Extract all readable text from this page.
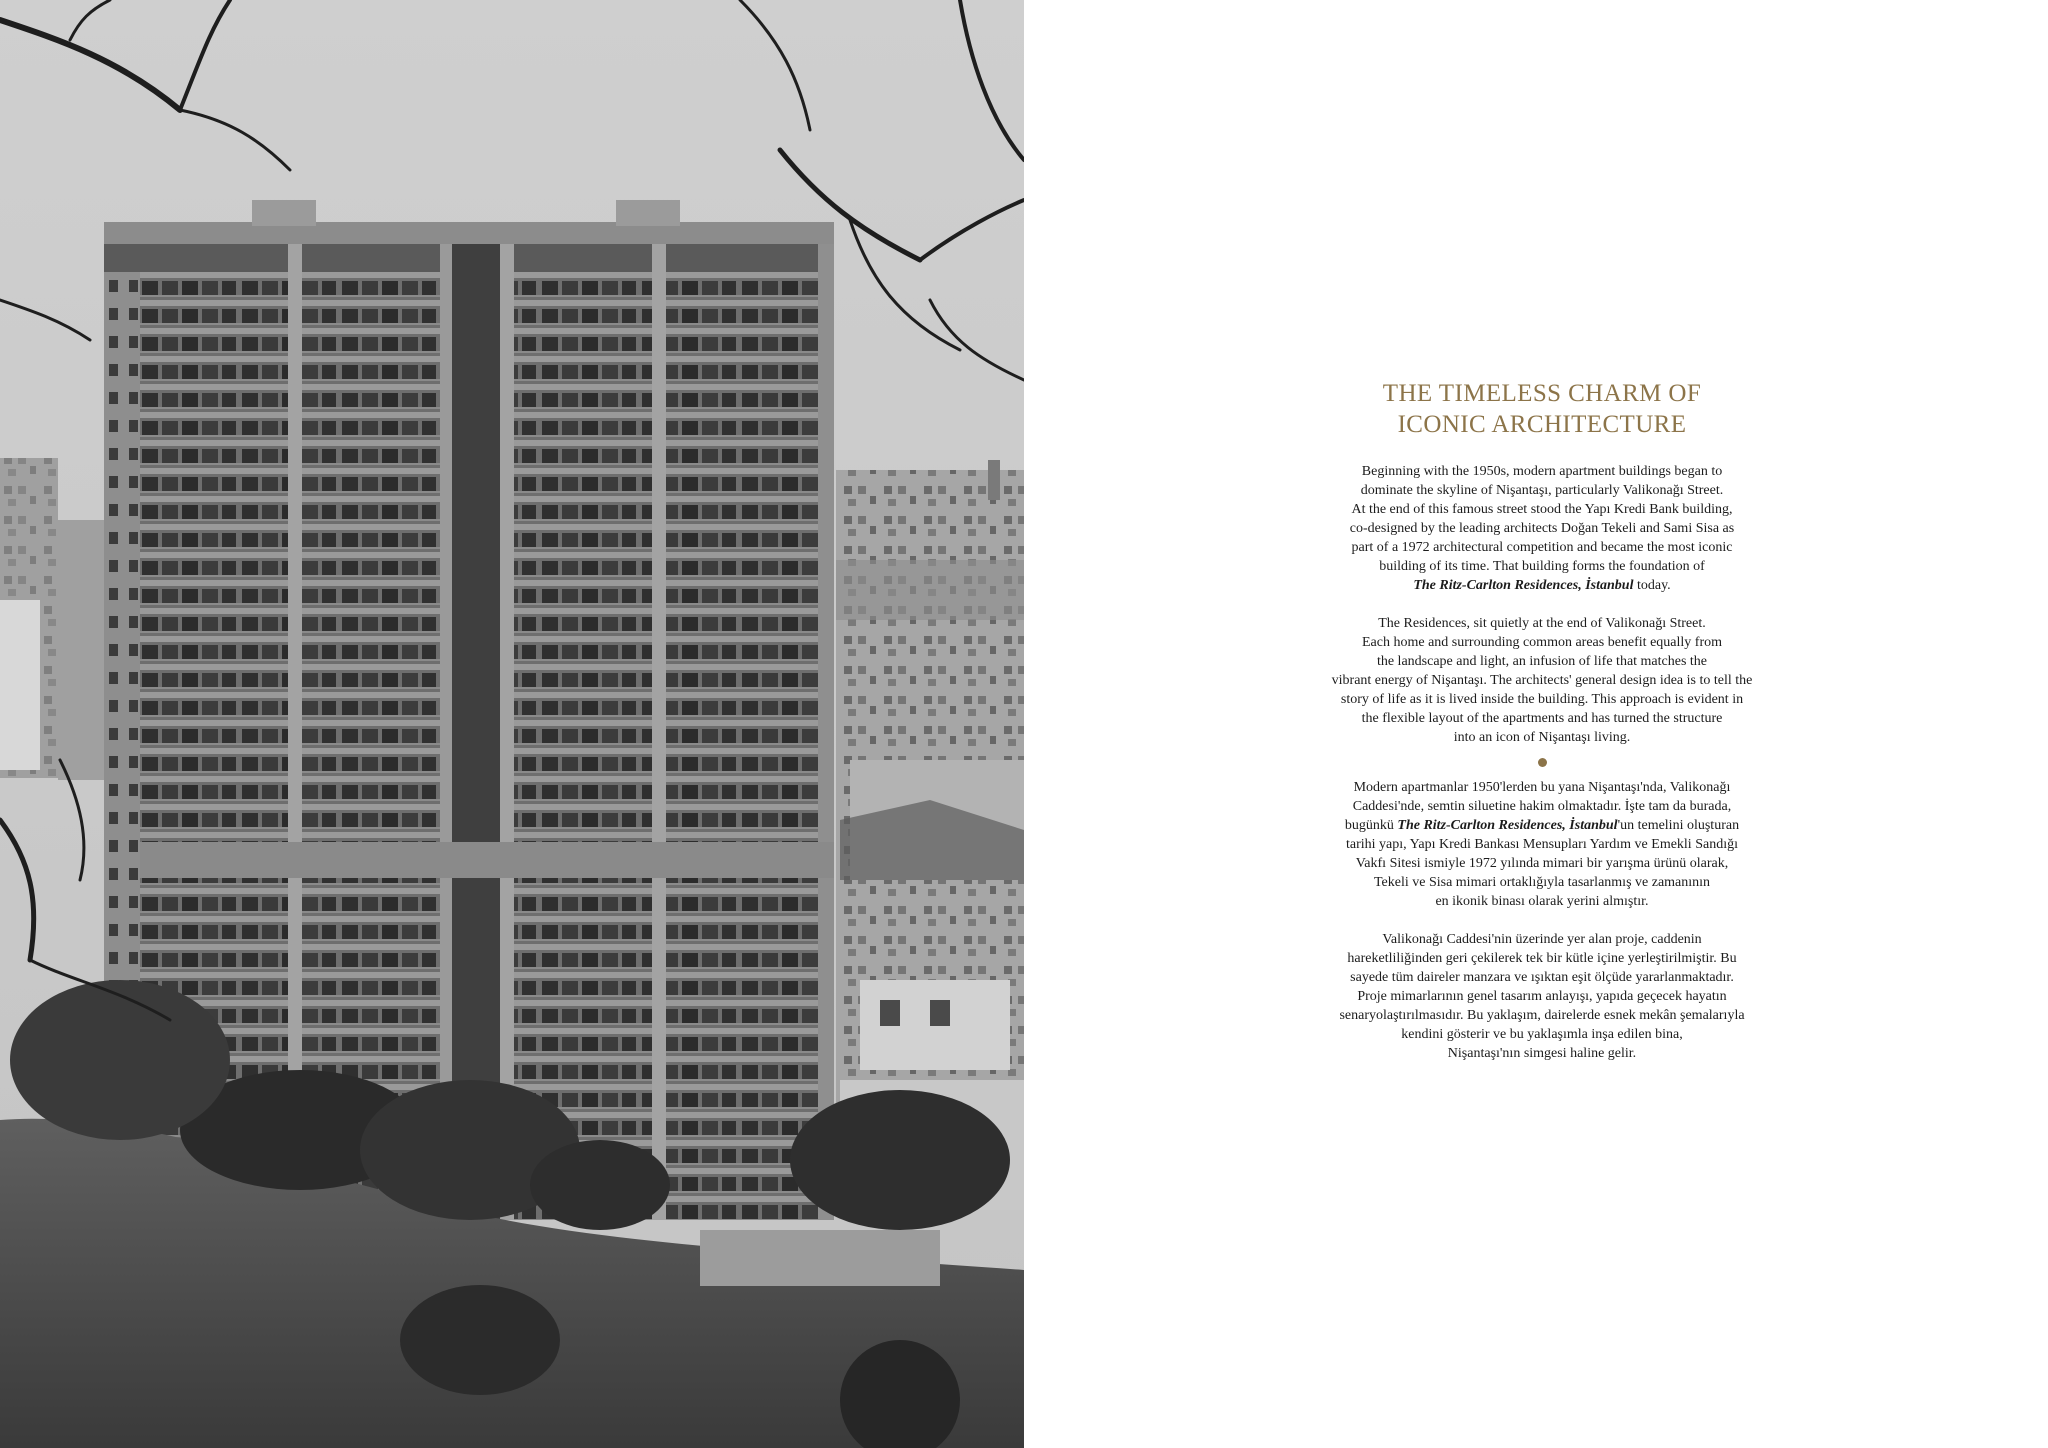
THE TIMELESS CHARM OF
ICONIC ARCHITECTURE

Beginning with the 1950s, modern apartment buildings began to
dominate the skyline of Nişantaşı, particularly Valikonağı Street.
At the end of this famous street stood the Yapı Kredi Bank building,
co-designed by the leading architects Doğan Tekeli and Sami Sisa as
part of a 1972 architectural competition and became the most iconic
building of its time. That building forms the foundation of
The Ritz-Carlton Residences, İstanbul today.

The Residences, sit quietly at the end of Valikonağı Street.
Each home and surrounding common areas benefit equally from
the landscape and light, an infusion of life that matches the
vibrant energy of Nişantaşı. The architects' general design idea is to tell the
story of life as it is lived inside the building. This approach is evident in
the flexible layout of the apartments and has turned the structure
into an icon of Nişantaşı living.

Modern apartmanlar 1950'lerden bu yana Nişantaşı'nda, Valikonağı
Caddesi'nde, semtin siluetine hakim olmaktadır. İşte tam da burada,
bugünkü The Ritz-Carlton Residences, İstanbul'un temelini oluşturan
tarihi yapı, Yapı Kredi Bankası Mensupları Yardım ve Emekli Sandığı
Vakfı Sitesi ismiyle 1972 yılında mimari bir yarışma ürünü olarak,
Tekeli ve Sisa mimari ortaklığıyla tasarlanmış ve zamanının
en ikonik binası olarak yerini almıştır.

Valikonağı Caddesi'nin üzerinde yer alan proje, caddenin
hareketliliğinden geri çekilerek tek bir kütle içine yerleştirilmiştir. Bu
sayede tüm daireler manzara ve ışıktan eşit ölçüde yararlanmaktadır.
Proje mimarlarının genel tasarım anlayışı, yapıda geçecek hayatın
senaryolaştırılmasıdır. Bu yaklaşım, dairelerde esnek mekân şemalarıyla
kendini gösterir ve bu yaklaşımla inşa edilen bina,
Nişantaşı'nın simgesi haline gelir.
